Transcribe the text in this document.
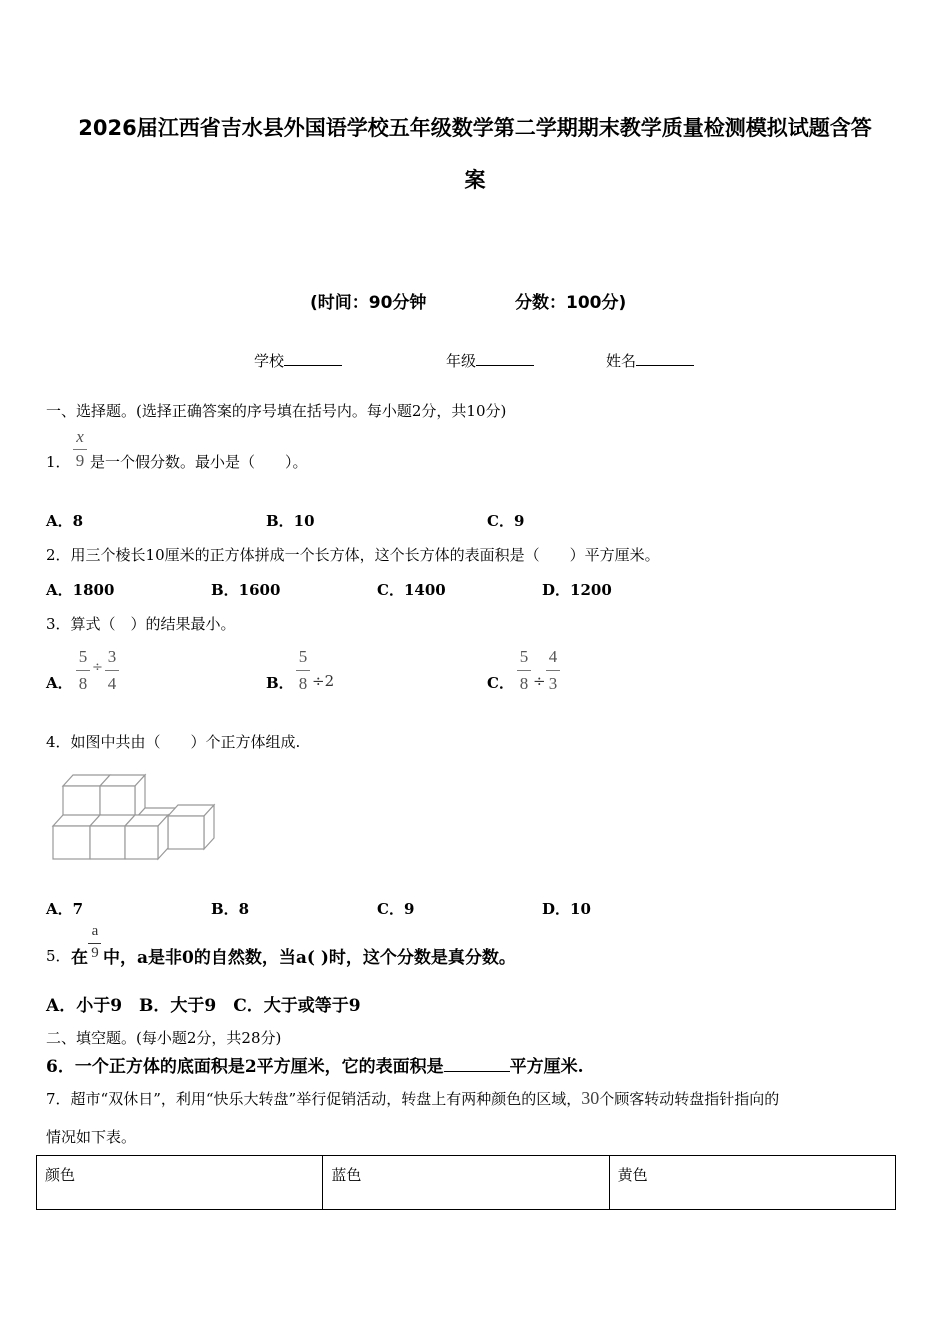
2026届江西省吉水县外国语学校五年级数学第二学期期末教学质量检测模拟试题含答
案
(时间：90分钟	分数：100分)
学校	年级	姓名
一、选择题。(选择正确答案的序号填在括号内。每小题2分，共10分)
1．
x
9 是一个假分数。最小是（　　）。
A．8	B．10	C．9
2．用三个棱长10厘米的正方体拼成一个长方体，这个长方体的表面积是（　　）平方厘米。
A．1800	B．1600	C．1400	D．1200
3．算式（　）的结果最小。
A．
5
8
÷
3
4	B．
5
8 ÷2	C．
5
8 ÷
4
3
4．如图中共由（　　）个正方体组成.
A．7	B．8	C．9	D．10
5． 在
a
9 中，a是非0的自然数，当a( )时，这个分数是真分数。
A．小于9　B．大于9　C．大于或等于9
二、填空题。(每小题2分，共28分)
6．一个正方体的底面积是2平方厘米，它的表面积是	平方厘米.
7．超市“双休日”，利用“快乐大转盘”举行促销活动，转盘上有两种颜色的区域，30个顾客转动转盘指针指向的
情况如下表。
颜色	蓝色	黄色
